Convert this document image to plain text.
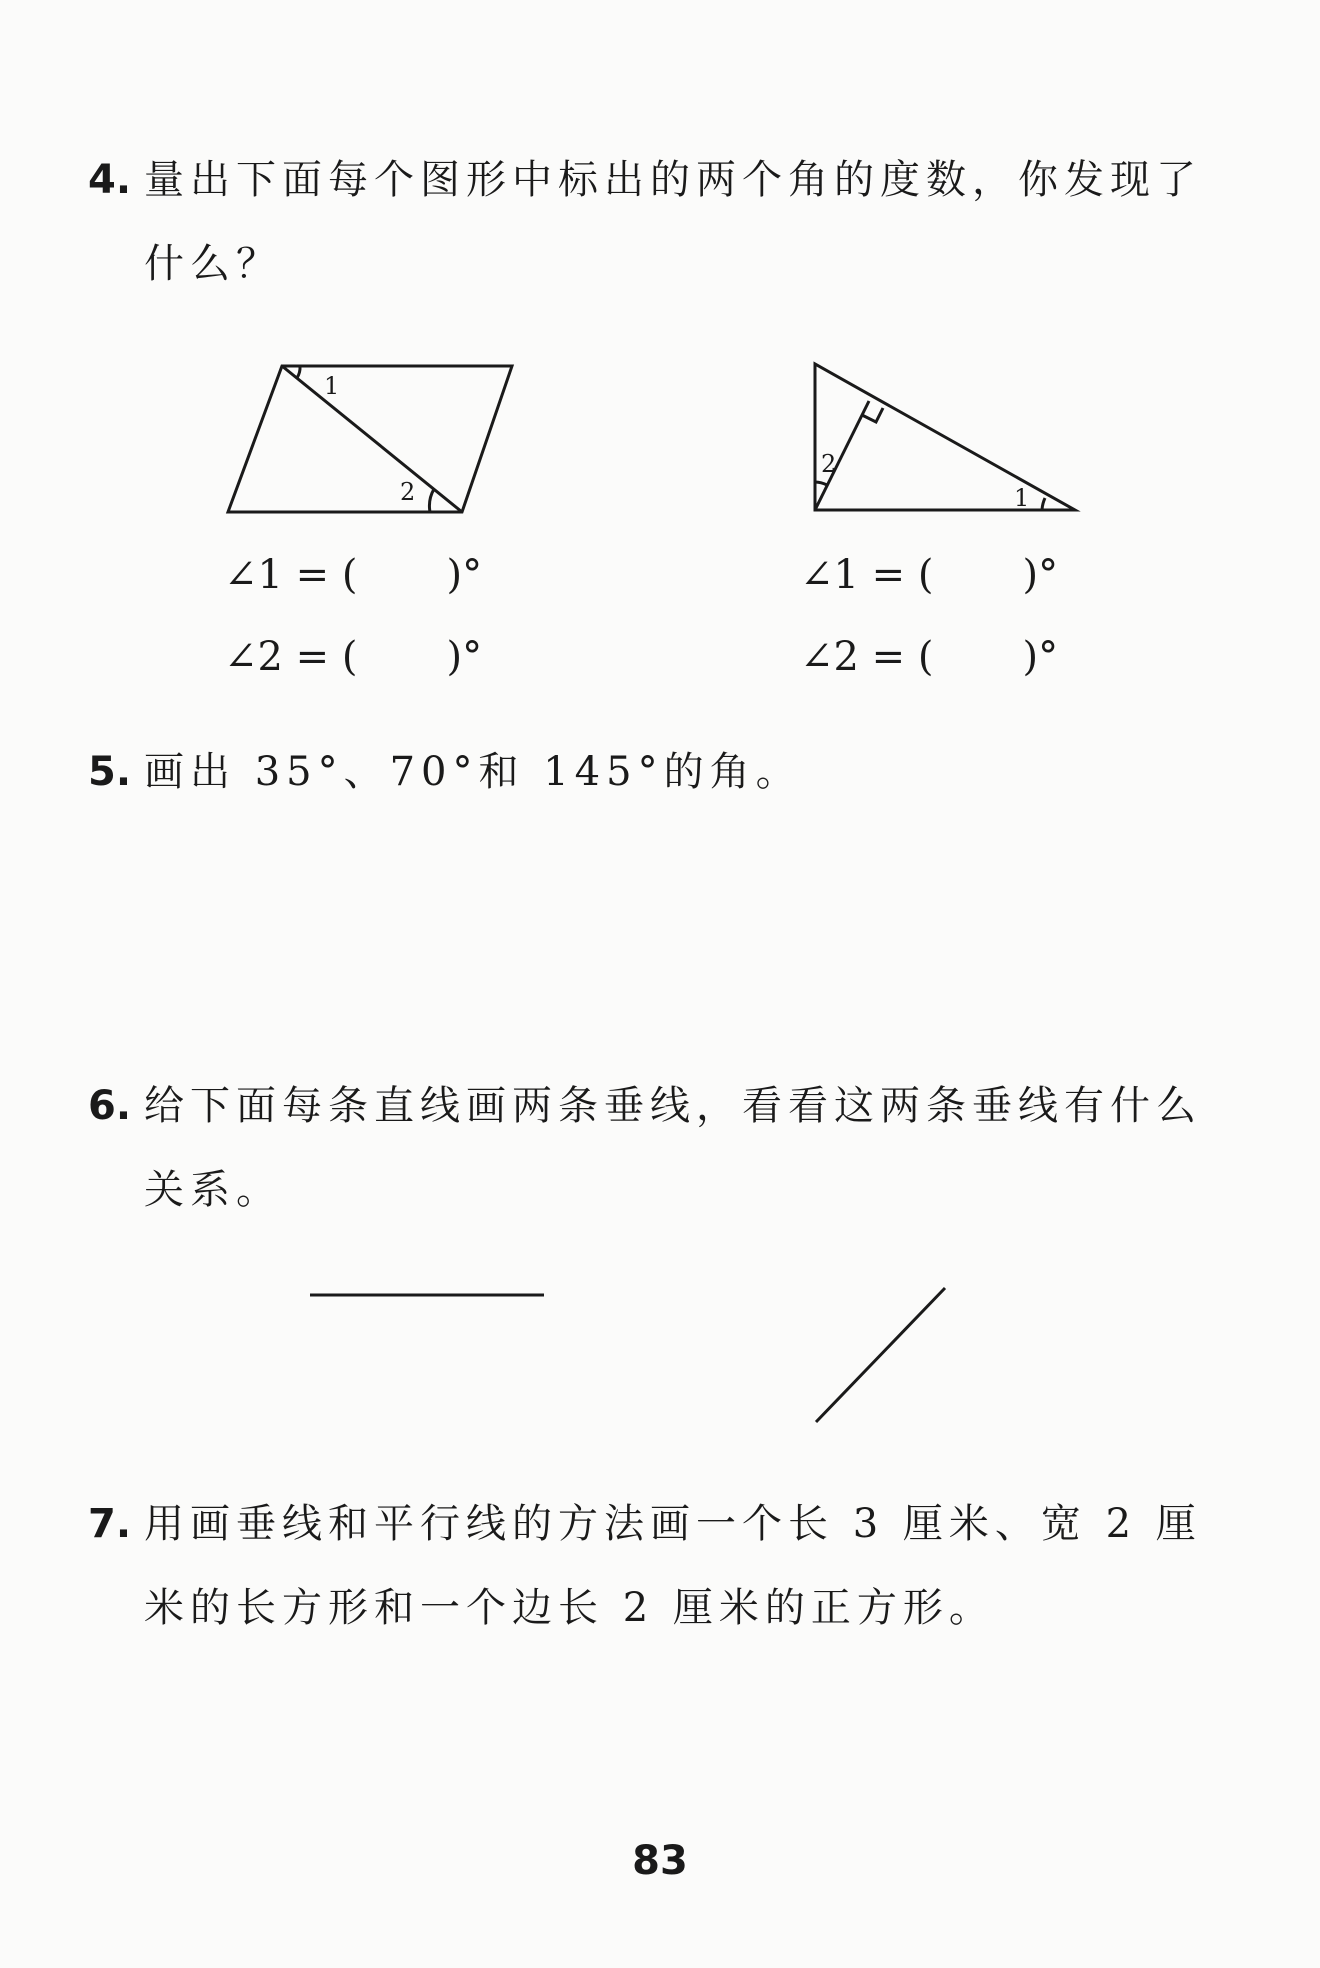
4. 量出下面每个图形中标出的两个角的度数，你发现了什么？
1
2
2
1
∠1 = (       )°
∠2 = (       )°
∠1 = (       )°
∠2 = (       )°
5. 画出 35°、70°和 145°的角。
6. 给下面每条直线画两条垂线，看看这两条垂线有什么关系。
7. 用画垂线和平行线的方法画一个长 3 厘米、宽 2 厘米的长方形和一个边长 2 厘米的正方形。
83
